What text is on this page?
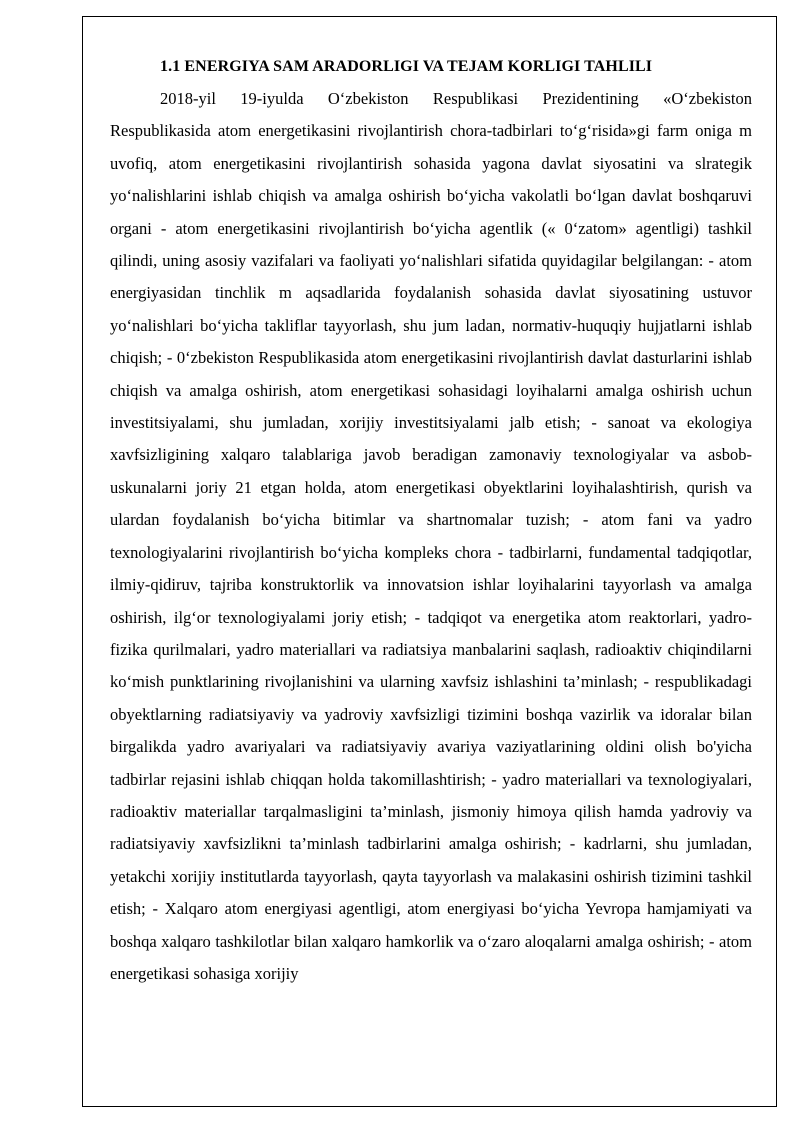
1.1 ENERGIYA SAM ARADORLIGI VA TEJAM KORLIGI TAHLILI

2018-yil 19-iyulda O‘zbekiston Respublikasi Prezidentining «O‘zbekiston Respublikasida atom energetikasini rivojlantirish chora-tadbirlari to‘g‘risida»gi farm oniga m uvofiq, atom energetikasini rivojlantirish sohasida yagona davlat siyosatini va slrategik yo‘nalishlarini ishlab chiqish va amalga oshirish bo‘yicha vakolatli bo‘lgan davlat boshqaruvi organi - atom energetikasini rivojlantirish bo‘yicha agentlik (« 0‘zatom» agentligi) tashkil qilindi, uning asosiy vazifalari va faoliyati yo‘nalishlari sifatida quyidagilar belgilangan: - atom energiyasidan tinchlik m aqsadlarida foydalanish sohasida davlat siyosatining ustuvor yo‘nalishlari bo‘yicha takliflar tayyorlash, shu jum ladan, normativ-huquqiy hujjatlarni ishlab chiqish; - 0‘zbekiston Respublikasida atom energetikasini rivojlantirish davlat dasturlarini ishlab chiqish va amalga oshirish, atom energetikasi sohasidagi loyihalarni amalga oshirish uchun investitsiyalami, shu jumladan, xorijiy investitsiyalami jalb etish; - sanoat va ekologiya xavfsizligining xalqaro talablariga javob beradigan zamonaviy texnologiyalar va asbob-uskunalarni joriy 21 etgan holda, atom energetikasi obyektlarini loyihalashtirish, qurish va ulardan foydalanish bo‘yicha bitimlar va shartnomalar tuzish; - atom fani va yadro texnologiyalarini rivojlantirish bo‘yicha kompleks chora - tadbirlarni, fundamental tadqiqotlar, ilmiy-qidiruv, tajriba konstruktorlik va innovatsion ishlar loyihalarini tayyorlash va amalga oshirish, ilg‘or texnologiyalami joriy etish; - tadqiqot va energetika atom reaktorlari, yadro-fizika qurilmalari, yadro materiallari va radiatsiya manbalarini saqlash, radioaktiv chiqindilarni ko‘mish punktlarining rivojlanishini va ularning xavfsiz ishlashini ta’minlash; - respublikadagi obyektlarning radiatsiyaviy va yadroviy xavfsizligi tizimini boshqa vazirlik va idoralar bilan birgalikda yadro avariyalari va radiatsiyaviy avariya vaziyatlarining oldini olish bo'yicha tadbirlar rejasini ishlab chiqqan holda takomillashtirish; - yadro materiallari va texnologiyalari, radioaktiv materiallar tarqalmasligini ta’minlash, jismoniy himoya qilish hamda yadroviy va radiatsiyaviy xavfsizlikni ta’minlash tadbirlarini amalga oshirish; - kadrlarni, shu jumladan, yetakchi xorijiy institutlarda tayyorlash, qayta tayyorlash va malakasini oshirish tizimini tashkil etish; - Xalqaro atom energiyasi agentligi, atom energiyasi bo‘yicha Yevropa hamjamiyati va boshqa xalqaro tashkilotlar bilan xalqaro hamkorlik va o‘zaro aloqalarni amalga oshirish; - atom energetikasi sohasiga xorijiy
